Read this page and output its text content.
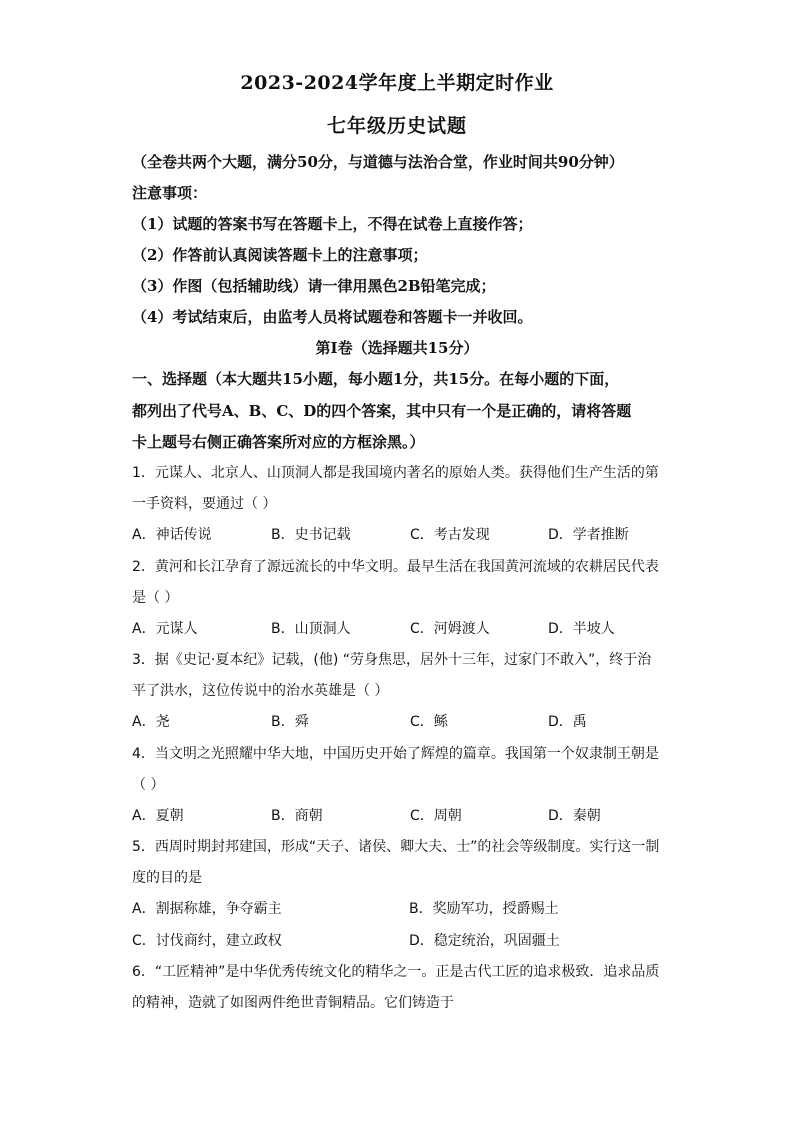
2023-2024学年度上半期定时作业
七年级历史试题
（全卷共两个大题，满分50分，与道德与法治合堂，作业时间共90分钟）
注意事项：
（1）试题的答案书写在答题卡上，不得在试卷上直接作答；
（2）作答前认真阅读答题卡上的注意事项；
（3）作图（包括辅助线）请一律用黑色2B铅笔完成；
（4）考试结束后，由监考人员将试题卷和答题卡一并收回。
第I卷（选择题共15分）
一、选择题（本大题共15小题，每小题1分，共15分。在每小题的下面，
都列出了代号A、B、C、D的四个答案，其中只有一个是正确的，请将答题
卡上题号右侧正确答案所对应的方框涂黑。）
1．元谋人、北京人、山顶洞人都是我国境内著名的原始人类。获得他们生产生活的第
一手资料，要通过（ ）
A．神话传说	B．史书记载	C．考古发现	D．学者推断
2．黄河和长江孕育了源远流长的中华文明。最早生活在我国黄河流域的农耕居民代表
是（ ）
A．元谋人	B．山顶洞人	C．河姆渡人	D．半坡人
3．据《史记·夏本纪》记载，(他) “劳身焦思，居外十三年，过家门不敢入”，终于治
平了洪水，这位传说中的治水英雄是（ ）
A．尧	B．舜	C．鲧	D．禹
4．当文明之光照耀中华大地，中国历史开始了辉煌的篇章。我国第一个奴隶制王朝是
（ ）
A．夏朝	B．商朝	C．周朝	D．秦朝
5．西周时期封邦建国，形成“天子、诸侯、卿大夫、士”的社会等级制度。实行这一制
度的目的是
A．割据称雄，争夺霸主	B．奖励军功，授爵赐土
C．讨伐商纣，建立政权	D．稳定统治，巩固疆土
6．“工匠精神”是中华优秀传统文化的精华之一。正是古代工匠的追求极致．追求品质
的精神，造就了如图两件绝世青铜精品。它们铸造于
